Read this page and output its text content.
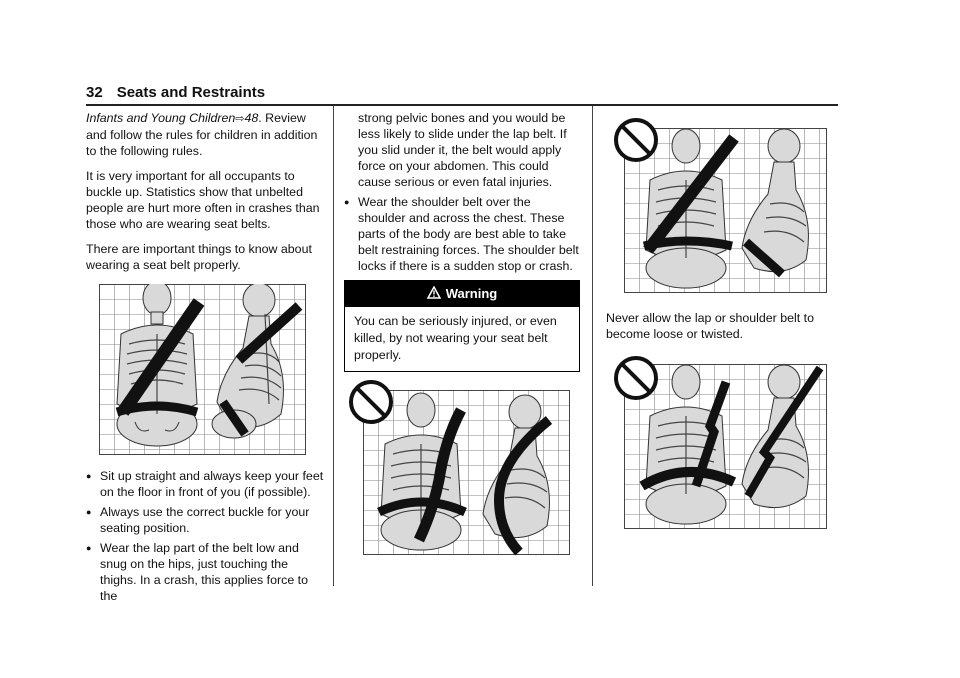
32 Seats and Restraints

Infants and Young Children⇨48. Review and follow the rules for children in addition to the following rules.

It is very important for all occupants to buckle up. Statistics show that unbelted people are hurt more often in crashes than those who are wearing seat belts.

There are important things to know about wearing a seat belt properly.

● Sit up straight and always keep your feet on the floor in front of you (if possible).
● Always use the correct buckle for your seating position.
● Wear the lap part of the belt low and snug on the hips, just touching the thighs. In a crash, this applies force to the

strong pelvic bones and you would be less likely to slide under the lap belt. If you slid under it, the belt would apply force on your abdomen. This could cause serious or even fatal injuries.

● Wear the shoulder belt over the shoulder and across the chest. These parts of the body are best able to take belt restraining forces. The shoulder belt locks if there is a sudden stop or crash.
Warning
You can be seriously injured, or even killed, by not wearing your seat belt properly.
Never allow the lap or shoulder belt to become loose or twisted.
